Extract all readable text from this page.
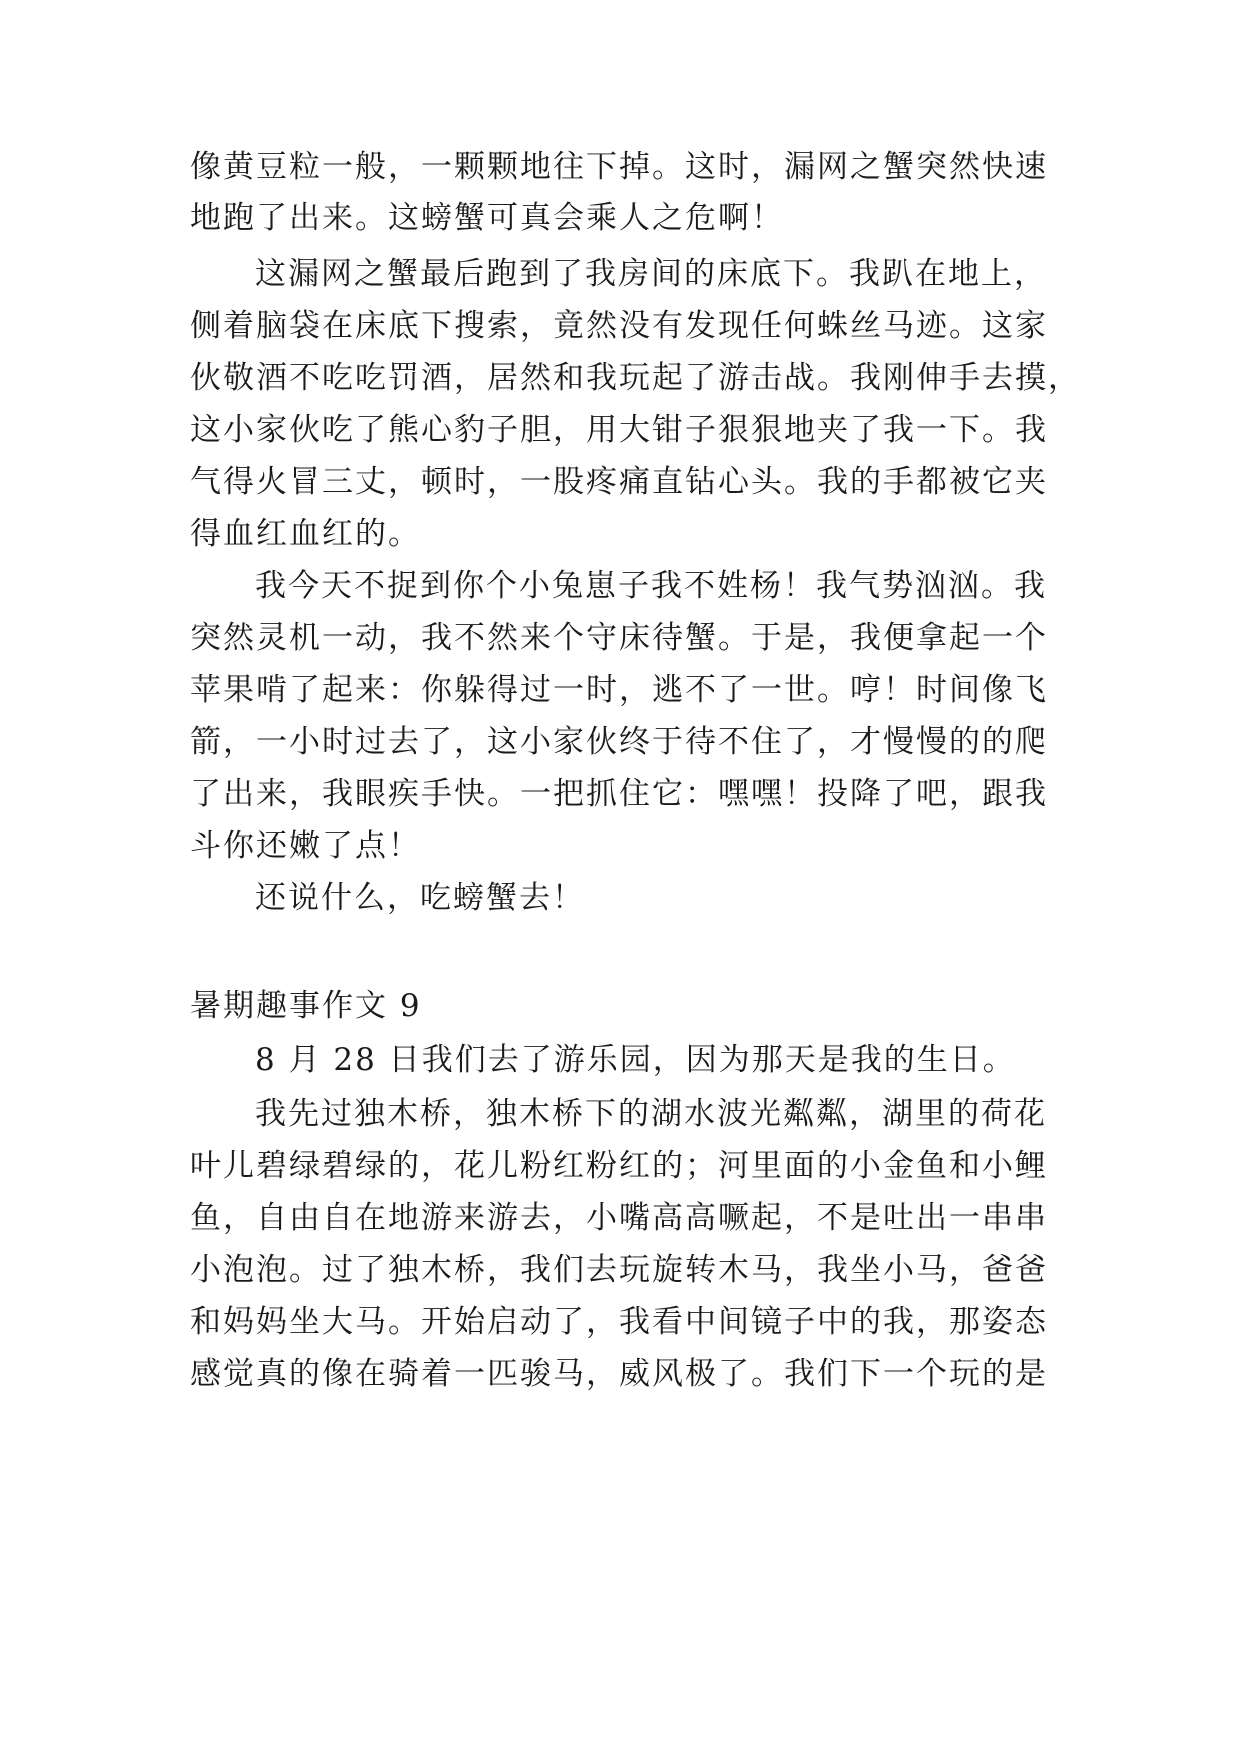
像黄豆粒一般，一颗颗地往下掉。这时，漏网之蟹突然快速
地跑了出来。这螃蟹可真会乘人之危啊！
这漏网之蟹最后跑到了我房间的床底下。我趴在地上，
侧着脑袋在床底下搜索，竟然没有发现任何蛛丝马迹。这家
伙敬酒不吃吃罚酒，居然和我玩起了游击战。我刚伸手去摸，
这小家伙吃了熊心豹子胆，用大钳子狠狠地夹了我一下。我
气得火冒三丈，顿时，一股疼痛直钻心头。我的手都被它夹
得血红血红的。
我今天不捉到你个小兔崽子我不姓杨！我气势汹汹。我
突然灵机一动，我不然来个守床待蟹。于是，我便拿起一个
苹果啃了起来：你躲得过一时，逃不了一世。哼！时间像飞
箭，一小时过去了，这小家伙终于待不住了，才慢慢的的爬
了出来，我眼疾手快。一把抓住它：嘿嘿！投降了吧，跟我
斗你还嫩了点！
还说什么，吃螃蟹去！
暑期趣事作文 9
8 月 28 日我们去了游乐园，因为那天是我的生日。
我先过独木桥，独木桥下的湖水波光粼粼，湖里的荷花
叶儿碧绿碧绿的，花儿粉红粉红的；河里面的小金鱼和小鲤
鱼，自由自在地游来游去，小嘴高高噘起，不是吐出一串串
小泡泡。过了独木桥，我们去玩旋转木马，我坐小马，爸爸
和妈妈坐大马。开始启动了，我看中间镜子中的我，那姿态
感觉真的像在骑着一匹骏马，威风极了。我们下一个玩的是
